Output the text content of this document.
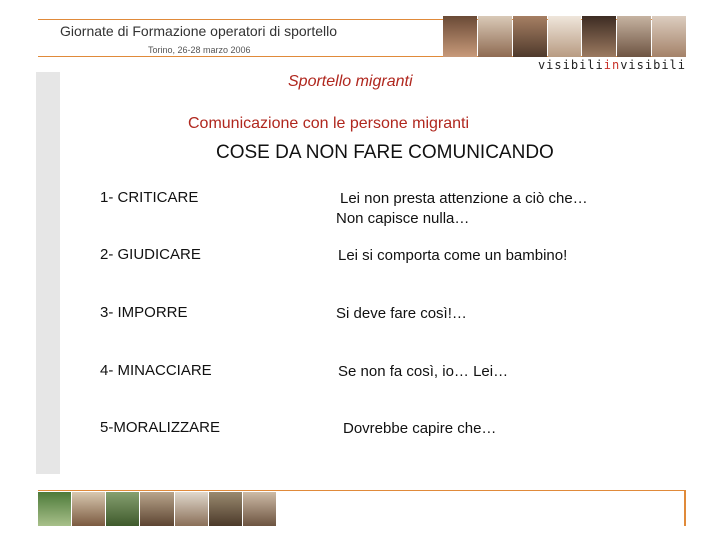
Giornate di Formazione operatori di sportello
Torino, 26-28 marzo 2006
visibiliinvisibili
Sportello migranti
Comunicazione con le persone migranti
COSE DA NON FARE COMUNICANDO
1- CRITICARE	Lei non presta attenzione a ciò che…
Non capisce nulla…
2- GIUDICARE	Lei si comporta come un bambino!
3- IMPORRE	Si deve fare così!…
4- MINACCIARE	Se non fa così, io… Lei…
5-MORALIZZARE	Dovrebbe capire che…
